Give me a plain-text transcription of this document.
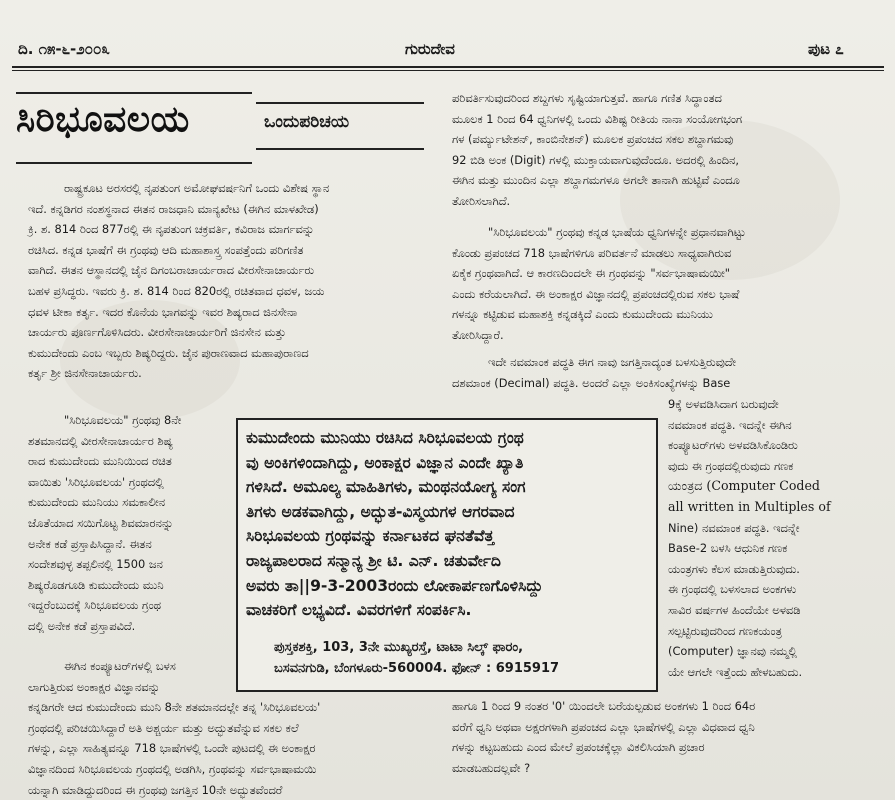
ದಿ. ೧೫-೬-೨೦೦೩	ಗುರುದೇವ	ಪುಟ ೭
ಸಿರಿಭೂವಲಯ	ಒಂದುಪರಿಚಯ

ರಾಷ್ಟ್ರಕೂಟ ಅರಸರಲ್ಲಿ ನೃಪತುಂಗ ಅಮೋಘವರ್ಷನಿಗೆ ಒಂದು ವಿಶೇಷ ಸ್ಥಾನ

ಇದೆ. ಕನ್ನಡಿಗರ ನಂಶಸ್ಥನಾದ ಈತನ ರಾಜಧಾನಿ ಮಾನ್ಯಖೇಟ (ಈಗಿನ ಮಾಳಖೇಡ)

ಕ್ರಿ. ಶ. 814 ರಿಂದ 877ರಲ್ಲಿ ಈ ನೃಪತುಂಗ ಚಕ್ರವರ್ತಿ, ಕವಿರಾಜ ಮಾರ್ಗವನ್ನು

ರಚಿಸಿದ. ಕನ್ನಡ ಭಾಷೆಗೆ ಈ ಗ್ರಂಥವು ಆದಿ ಮಹಾಶಾಸ್ತ್ರ ಸಂಪತ್ತೆಂದು ಪರಿಗಣಿತ

ವಾಗಿದೆ. ಈತನ ಆಸ್ಥಾನದಲ್ಲಿ ಜೈನ ದಿಗಂಬರಾಚಾರ್ಯರಾದ ವೀರಸೇನಾಚಾರ್ಯರು

ಬಹಳ ಪ್ರಸಿದ್ಧರು. ಇವರು ಕ್ರಿ. ಶ. 814 ರಿಂದ 820ರಲ್ಲಿ ರಚಿತವಾದ ಧವಳ, ಜಯ

ಧವಳ ಟೀಕಾ ಕರ್ತೃ. ಇದರ ಕೊನೆಯ ಭಾಗವನ್ನು ಇವರ ಶಿಷ್ಯರಾದ ಜಿನಸೇನಾ

ಚಾರ್ಯರು ಪೂರ್ಣಗೊಳಿಸಿದರು. ವೀರಸೇನಾಚಾರ್ಯರಿಗೆ ಜಿನಸೇನ ಮತ್ತು

ಕುಮುದೇಂದು ಎಂಬ ಇಬ್ಬರು ಶಿಷ್ಯರಿದ್ದರು. ಜೈನ ಪುರಾಣವಾದ ಮಹಾಪುರಾಣದ

ಕರ್ತೃ ಶ್ರೀ ಜಿನಸೇನಾಚಾರ್ಯರು.

"ಸಿರಿಭೂವಲಯ" ಗ್ರಂಥವು 8ನೇ

ಶತಮಾನದಲ್ಲಿ ವೀರಸೇನಾಚಾರ್ಯರ ಶಿಷ್ಯ

ರಾದ ಕುಮುದೇಂದು ಮುನಿಯಿಂದ ರಚಿತ

ವಾಯಿತು 'ಸಿರಿಭೂವಲಯ' ಗ್ರಂಥದಲ್ಲಿ

ಕುಮುದೇಂದು ಮುನಿಯು ಸಮಕಾಲೀನ

ಜೊತೆಯಾದ ಸಯಿಗೊಟ್ಟ ಶಿವಮಾರನನ್ನು

ಅನೇಕ ಕಡೆ ಪ್ರಸ್ತಾಪಿಸಿದ್ದಾನೆ. ಈತನ

ಸಂದೇಶವುಳ್ಳ ತಪ್ಪಲಿನಲ್ಲಿ 1500 ಜನ

ಶಿಷ್ಯರೊಡಗೂಡಿ ಕುಮುದೇಂದು ಮುನಿ

ಇದ್ದರೆಂಬುದಕ್ಕೆ ಸಿರಿಭೂವಲಯ ಗ್ರಂಥ

ದಲ್ಲಿ ಅನೇಕ ಕಡೆ ಪ್ರಸ್ತಾಪವಿದೆ.

ಈಗಿನ ಕಂಪ್ಯೂಟರ್‌ಗಳಲ್ಲಿ ಬಳಸ

ಲಾಗುತ್ತಿರುವ ಅಂಕಾಕ್ಷರ ವಿಜ್ಞಾನವನ್ನು

ಕನ್ನಡಿಗರೇ ಆದ ಕುಮುದೇಂದು ಮುನಿ 8ನೇ ಶತಮಾನದಲ್ಲೇ ತನ್ನ 'ಸಿರಿಭೂವಲಯ'

ಗ್ರಂಥದಲ್ಲಿ ಪರಿಚಯಿಸಿದ್ದಾರೆ ಅತಿ ಅಶ್ಚರ್ಯ ಮತ್ತು ಅದ್ಭುತವೆನ್ನುವ ಸಕಲ ಕಲೆ

ಗಳನ್ನು, ಎಲ್ಲಾ ಸಾಹಿತ್ಯವನ್ನೂ 718 ಭಾಷೆಗಳಲ್ಲಿ ಒಂದೇ ಪುಟದಲ್ಲಿ ಈ ಅಂಕಾಕ್ಷರ

ವಿಜ್ಞಾನದಿಂದ ಸಿರಿಭೂವಲಯ ಗ್ರಂಥದಲ್ಲಿ ಅಡಗಿಸಿ, ಗ್ರಂಥವನ್ನು ಸರ್ವಭಾಷಾಮಯಿ

ಯನ್ನಾಗಿ ಮಾಡಿದ್ದುದರಿಂದ ಈ ಗ್ರಂಥವು ಜಗತ್ತಿನ 10ನೇ ಅದ್ಭುತವೆಂದರೆ

ಪರಿವರ್ತಿಸುವುದರಿಂದ ಶಬ್ದಗಳು ಸೃಷ್ಟಿಯಾಗುತ್ತವೆ. ಹಾಗೂ ಗಣಿತ ಸಿದ್ಧಾಂತದ

ಮೂಲಕ 1 ರಿಂದ 64 ಧ್ವನಿಗಳಲ್ಲಿ ಒಂದು ವಿಶಿಷ್ಟ ರೀತಿಯ ನಾನಾ ಸಂಯೋಗಭಂಗ

ಗಳ (ಪರ್ಮ್ಯುಟೇಶನ್, ಕಾಂಬಿನೇಶನ್) ಮೂಲಕ ಪ್ರಪಂಚದ ಸಕಲ ಶಬ್ದಾಗಮವು

92 ಬಿಡಿ ಅಂಕ (Digit) ಗಳಲ್ಲಿ ಮುಕ್ತಾಯವಾಗುವುದೆಂದೂ. ಅದರಲ್ಲಿ ಹಿಂದಿನ,

ಈಗಿನ ಮತ್ತು ಮುಂದಿನ ಎಲ್ಲಾ ಶಬ್ದಾಗಮಗಳೂ ಅಗಲೇ ತಾನಾಗಿ ಹುಟ್ಟಿವೆ ಎಂದೂ

ತೋರಿಸಲಾಗಿದೆ.

"ಸಿರಿಭೂವಲಯ" ಗ್ರಂಥವು ಕನ್ನಡ ಭಾಷೆಯ ಧ್ವನಿಗಳನ್ನೇ ಪ್ರಧಾನವಾಗಿಟ್ಟು

ಕೊಂಡು ಪ್ರಪಂಚದ 718 ಭಾಷೆಗಳಿಗೂ ಪರಿವರ್ತನೆ ಮಾಡಲು ಸಾಧ್ಯವಾಗಿರುವ

ಏಕೈಕ ಗ್ರಂಥವಾಗಿದೆ. ಆ ಕಾರಣದಿಂದಲೇ ಈ ಗ್ರಂಥವನ್ನು "ಸರ್ವಭಾಷಾಮಯೀ"

ಎಂದು ಕರೆಯಲಾಗಿದೆ. ಈ ಅಂಕಾಕ್ಷರ ವಿಜ್ಞಾನದಲ್ಲಿ ಪ್ರಪಂಚದಲ್ಲಿರುವ ಸಕಲ ಭಾಷೆ

ಗಳನ್ನೂ ಕಟ್ಟಿಡುವ ಮಹಾಶಕ್ತಿ ಕನ್ನಡಕ್ಕಿದೆ ಎಂದು ಕುಮುದೇಂದು ಮುನಿಯು

ತೋರಿಸಿದ್ದಾರೆ.

ಇದೇ ನವಮಾಂಕ ಪದ್ಧತಿ ಈಗ ನಾವು ಜಗತ್ತಿನಾದ್ಯಂತ ಬಳಸುತ್ತಿರುವುದೇ

ದಶಮಾಂಕ (Decimal) ಪದ್ಧತಿ. ಅಂದರೆ ಎಲ್ಲಾ ಅಂಕಿಸಂಖ್ಯೆಗಳನ್ನು Base

9ಕ್ಕೆ ಅಳವಡಿಸಿದಾಗ ಬರುವುದೇ

ನವಮಾಂಕ ಪದ್ಧತಿ. ಇದನ್ನೇ ಈಗಿನ

ಕಂಪ್ಯೂಟರ್‌ಗಳು ಅಳವಡಿಸಿಕೊಂಡಿರು

ವುದು ಈ ಗ್ರಂಥದಲ್ಲಿರುವುದು ಗಣಕ

ಯಂತ್ರದ (Computer Coded

all written in Multiples of

Nine) ನವಮಾಂಕ ಪದ್ಧತಿ. ಇದನ್ನೇ

Base-2 ಬಳಸಿ ಆಧುನಿಕ ಗಣಕ

ಯಂತ್ರಗಳು ಕೆಲಸ ಮಾಡುತ್ತಿರುವುದು.

ಈ ಗ್ರಂಥದಲ್ಲಿ ಬಳಸಲಾದ ಅಂಕಗಳು

ಸಾವಿರ ವರ್ಷಗಳ ಹಿಂದೆಯೇ ಅಳವಡಿ

ಸಲ್ಪಟ್ಟಿರುವುದರಿಂದ ಗಣಕಯಂತ್ರ

(Computer) ಜ್ಞಾನವು ನಮ್ಮಲ್ಲಿ

ಯೇ ಆಗಲೇ ಇತ್ತೆಂದು ಹೇಳಬಹುದು.

ಹಾಗೂ 1 ರಿಂದ 9 ನಂತರ '0' ಯಿಂದಲೇ ಬರೆಯಲ್ಪಡುವ ಅಂಕಗಳು 1 ರಿಂದ 64ರ

ವರೆಗೆ ಧ್ವನಿ ಅಥವಾ ಅಕ್ಷರಗಳಾಗಿ ಪ್ರಪಂಚದ ಎಲ್ಲಾ ಭಾಷೆಗಳಲ್ಲಿ ಎಲ್ಲಾ ವಿಧವಾದ ಧ್ವನಿ

ಗಳನ್ನು ಕಟ್ಟಬಹುದು ಎಂದ ಮೇಲೆ ಪ್ರಪಂಚಕ್ಕೆಲ್ಲಾ ವಿಕಲಿಸಿಯಾಗಿ ಪ್ರಚಾರ

ಮಾಡಬಹುದಲ್ಲವೇ ?

ಕುಮುದೇಂದು ಮುನಿಯು ರಚಿಸಿದ ಸಿರಿಭೂವಲಯ ಗ್ರಂಥ
ವು ಅಂಕಿಗಳಿಂದಾಗಿದ್ದು, ಅಂಕಾಕ್ಷರ ವಿಜ್ಞಾನ ಎಂದೇ ಖ್ಯಾತಿ
ಗಳಿಸಿದೆ. ಅಮೂಲ್ಯ ಮಾಹಿತಿಗಳು, ಮಂಥನಯೋಗ್ಯ ಸಂಗ
ತಿಗಳು ಅಡಕವಾಗಿದ್ದು, ಅದ್ಭುತ-ವಿಸ್ಮಯಗಳ ಆಗರವಾದ
ಸಿರಿಭೂವಲಯ ಗ್ರಂಥವನ್ನು ಕರ್ನಾಟಕದ ಘನತೆವೆತ್ತ
ರಾಜ್ಯಪಾಲರಾದ ಸನ್ಮಾನ್ಯ ಶ್ರೀ ಟಿ. ಎನ್. ಚತುರ್ವೇದಿ
ಅವರು ತಾ||9-3-2003ರಂದು ಲೋಕಾರ್ಪಣಗೊಳಿಸಿದ್ದು
ವಾಚಕರಿಗೆ ಲಭ್ಯವಿದೆ. ವಿವರಗಳಿಗೆ ಸಂಪರ್ಕಿಸಿ.
ಪುಸ್ತಕಶಕ್ತಿ, 103, 3ನೇ ಮುಖ್ಯರಸ್ತೆ, ಟಾಟಾ ಸಿಲ್ಕ್ ಫಾರಂ,
ಬಸವನಗುಡಿ, ಬೆಂಗಳೂರು-560004. ಫೋನ್ : 6915917
